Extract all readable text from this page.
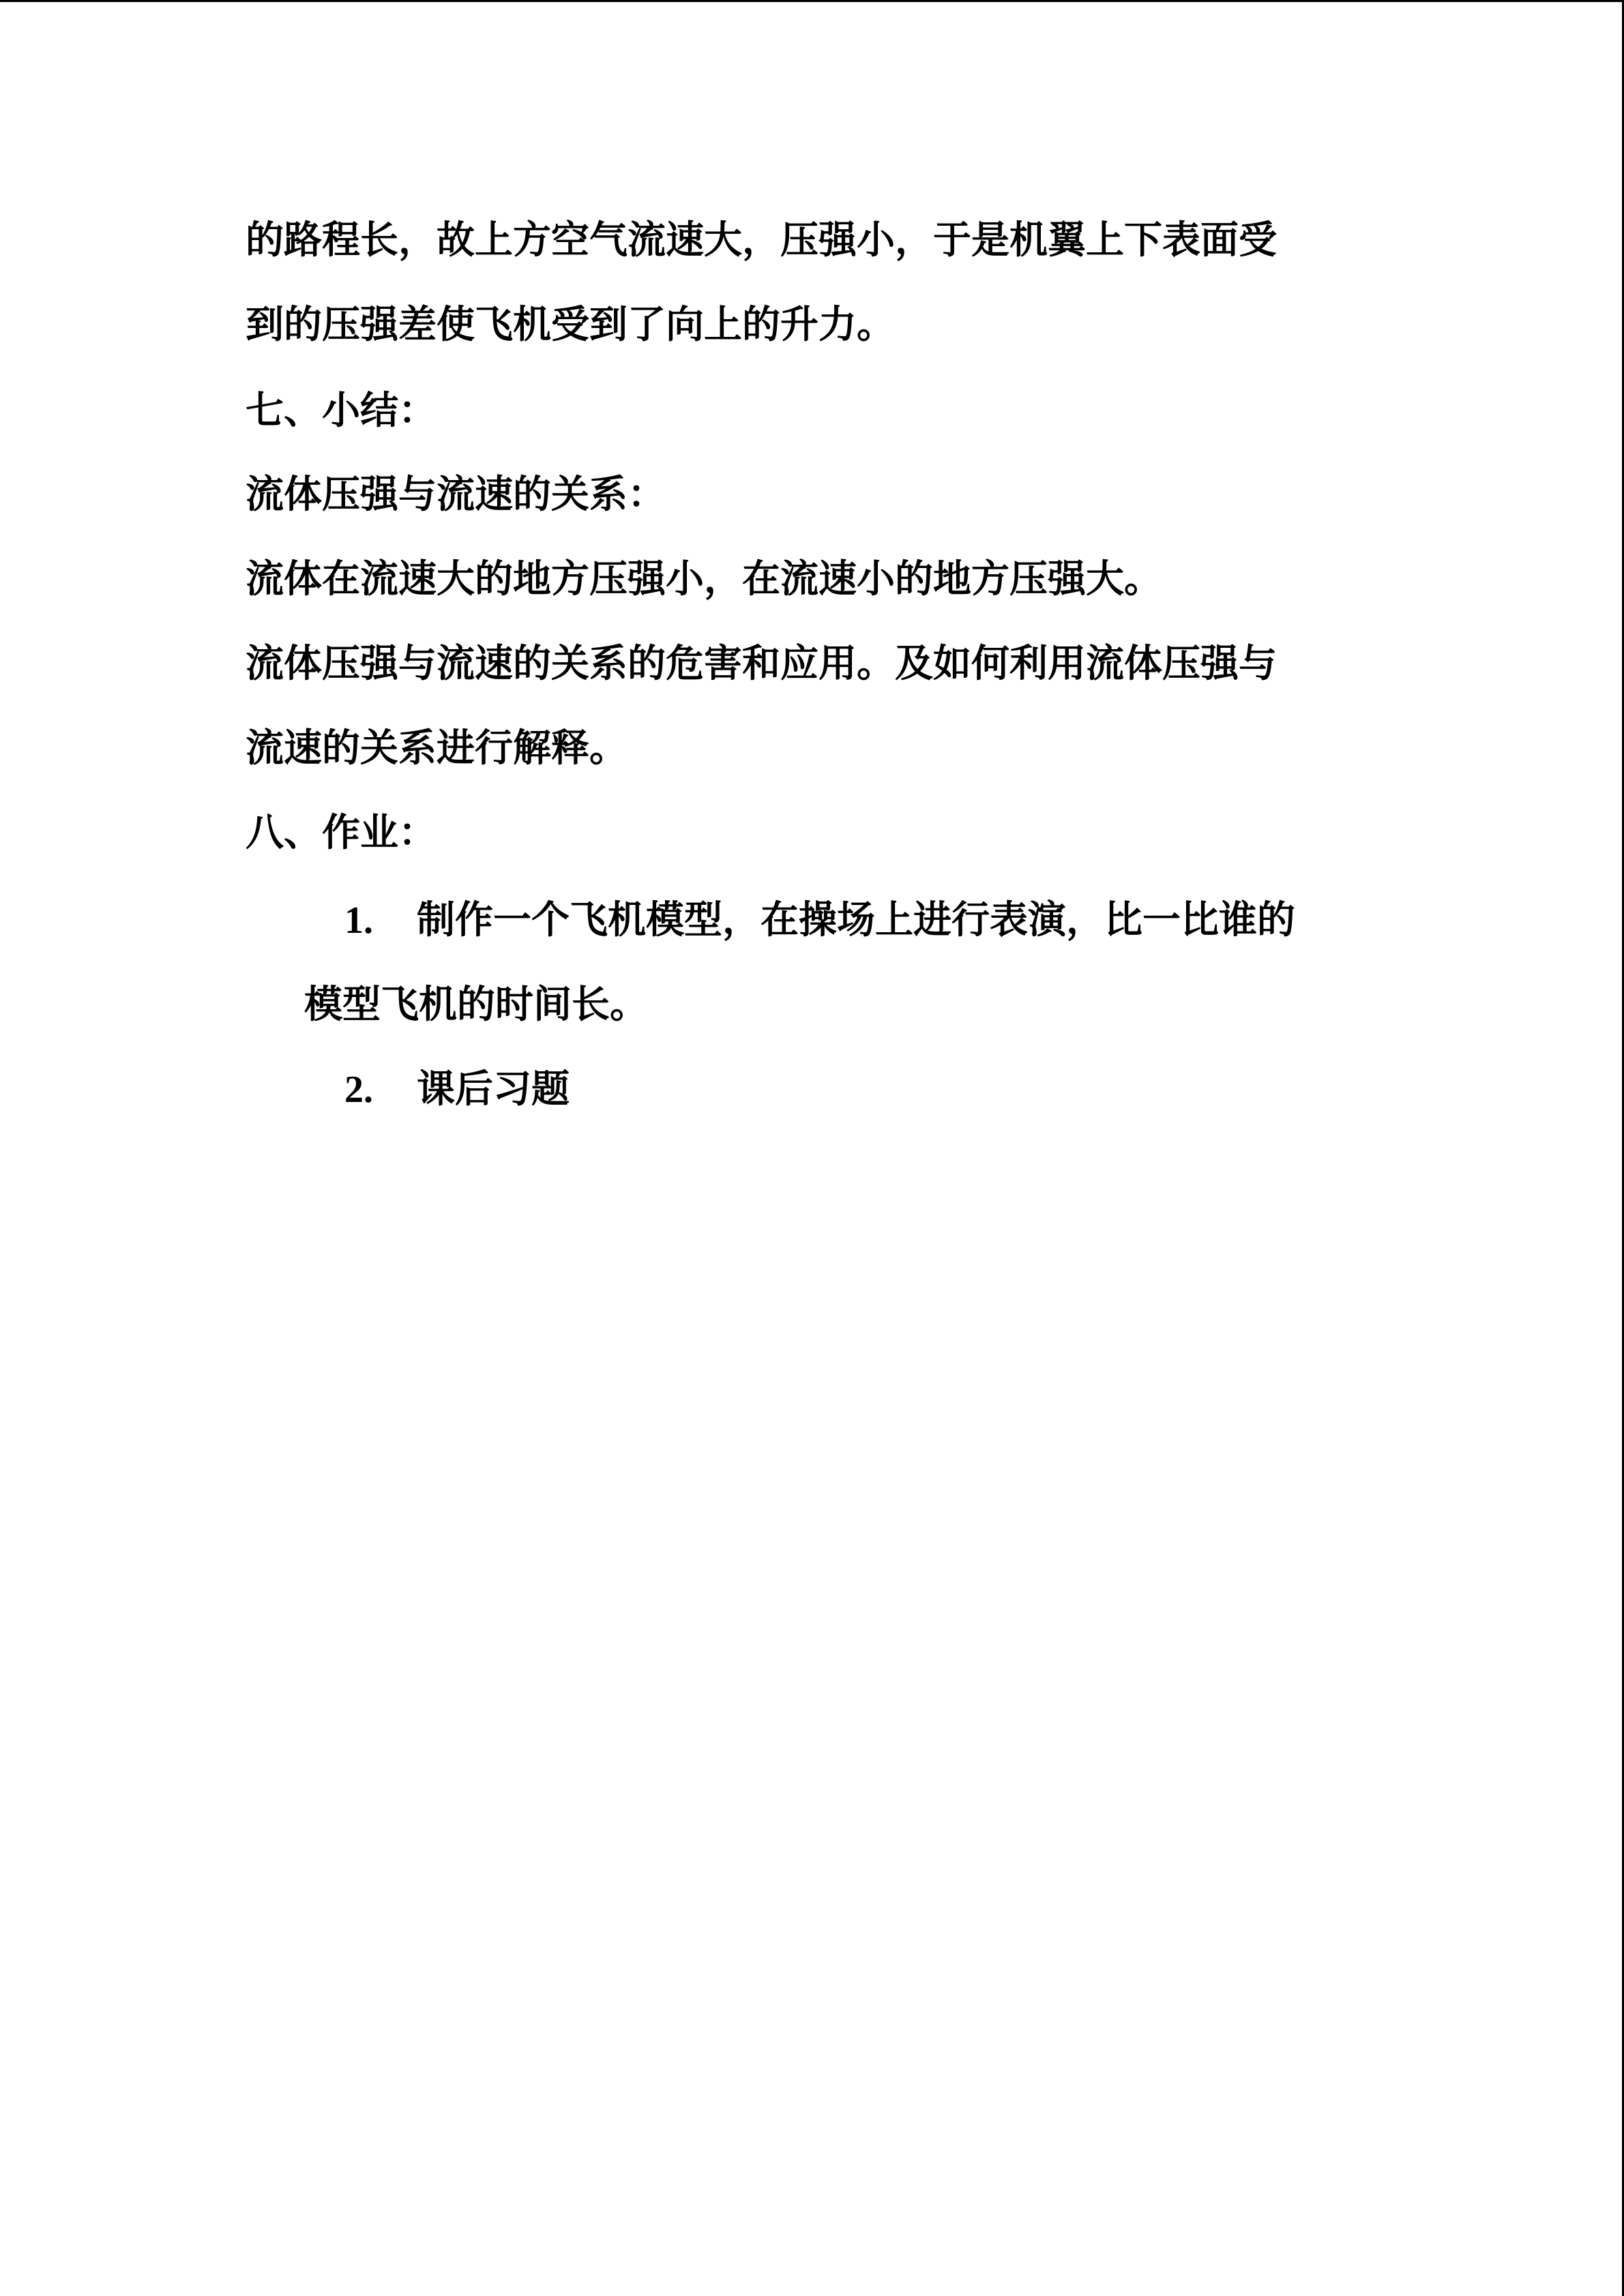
的路程长，故上方空气流速大，压强小，于是机翼上下表面受
到的压强差使飞机受到了向上的升力。
七、小结：
流体压强与流速的关系：
流体在流速大的地方压强小，在流速小的地方压强大。
流体压强与流速的关系的危害和应用。及如何利用流体压强与
流速的关系进行解释。
八、作业：
1. 制作一个飞机模型，在操场上进行表演，比一比谁的
模型飞机的时间长。
2. 课后习题
